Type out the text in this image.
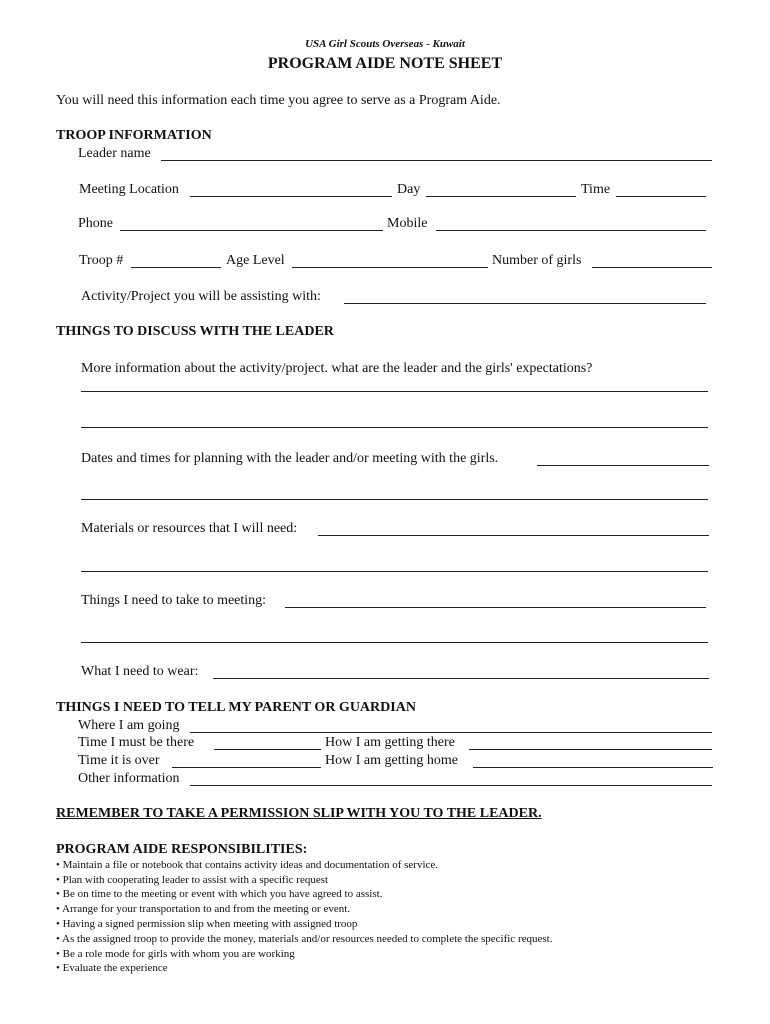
USA Girl Scouts Overseas - Kuwait
PROGRAM AIDE NOTE SHEET
You will need this information each time you agree to serve as a Program Aide.
TROOP INFORMATION
Leader name
Meeting Location	Day	Time
Phone	Mobile
Troop #	Age Level	Number of girls
Activity/Project you will be assisting with:
THINGS TO DISCUSS WITH THE LEADER
More information about the activity/project. what are the leader and the girls' expectations?
Dates and times for planning with the leader and/or meeting with the girls.
Materials or resources that I will need:
Things I need to take to meeting:
What I need to wear:
THINGS I NEED TO TELL MY PARENT OR GUARDIAN
Where I am going
Time I must be there	How I am getting there
Time it is over	How I am getting home
Other information
REMEMBER TO TAKE A PERMISSION SLIP WITH YOU TO THE LEADER.
PROGRAM AIDE RESPONSIBILITIES:
• Maintain a file or notebook that contains activity ideas and documentation of service.
• Plan with cooperating leader to assist with a specific request
• Be on time to the meeting or event with which you have agreed to assist.
• Arrange for your transportation to and from the meeting or event.
• Having a signed permission slip when meeting with assigned troop
• As the assigned troop to provide the money, materials and/or resources needed to complete the specific request.
• Be a role mode for girls with whom you are working
• Evaluate the experience
